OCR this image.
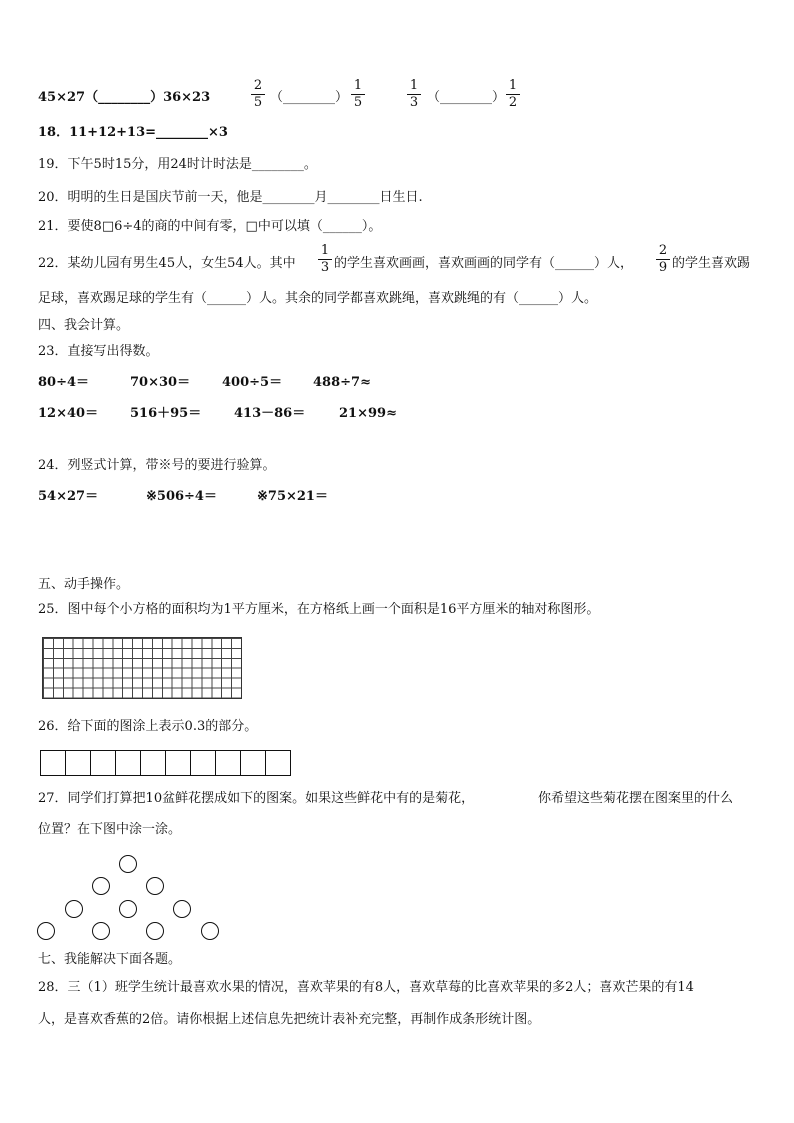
45×27（________）36×23
2
5 （________）
1
5
1
3 （________）
1
2
18．11+12+13=________×3
19．下午5时15分，用24时计时法是________。
20．明明的生日是国庆节前一天，他是________月________日生日.
21．要使8□6÷4的商的中间有零，□中可以填（______）。
22．某幼儿园有男生45人，女生54人。其中
1
3 的学生喜欢画画，喜欢画画的同学有（______）人，
2
9 的学生喜欢踢
足球，喜欢踢足球的学生有（______）人。其余的同学都喜欢跳绳，喜欢跳绳的有（______）人。
四、我会计算。
23．直接写出得数。
80÷4＝	70×30＝ 400÷5＝ 488÷7≈
12×40＝ 516＋95＝	413－86＝	21×99≈
24．列竖式计算，带※号的要进行验算。
54×27＝	※506÷4＝	※75×21＝
五、动手操作。
25．图中每个小方格的面积均为1平方厘米，在方格纸上画一个面积是16平方厘米的轴对称图形。
26．给下面的图涂上表示0.3的部分。
27．同学们打算把10盆鲜花摆成如下的图案。如果这些鲜花中有的是菊花，	你希望这些菊花摆在图案里的什么
位置？在下图中涂一涂。
七、我能解决下面各题。
28．三（1）班学生统计最喜欢水果的情况，喜欢苹果的有8人，喜欢草莓的比喜欢苹果的多2人；喜欢芒果的有14
人，是喜欢香蕉的2倍。请你根据上述信息先把统计表补充完整，再制作成条形统计图。
